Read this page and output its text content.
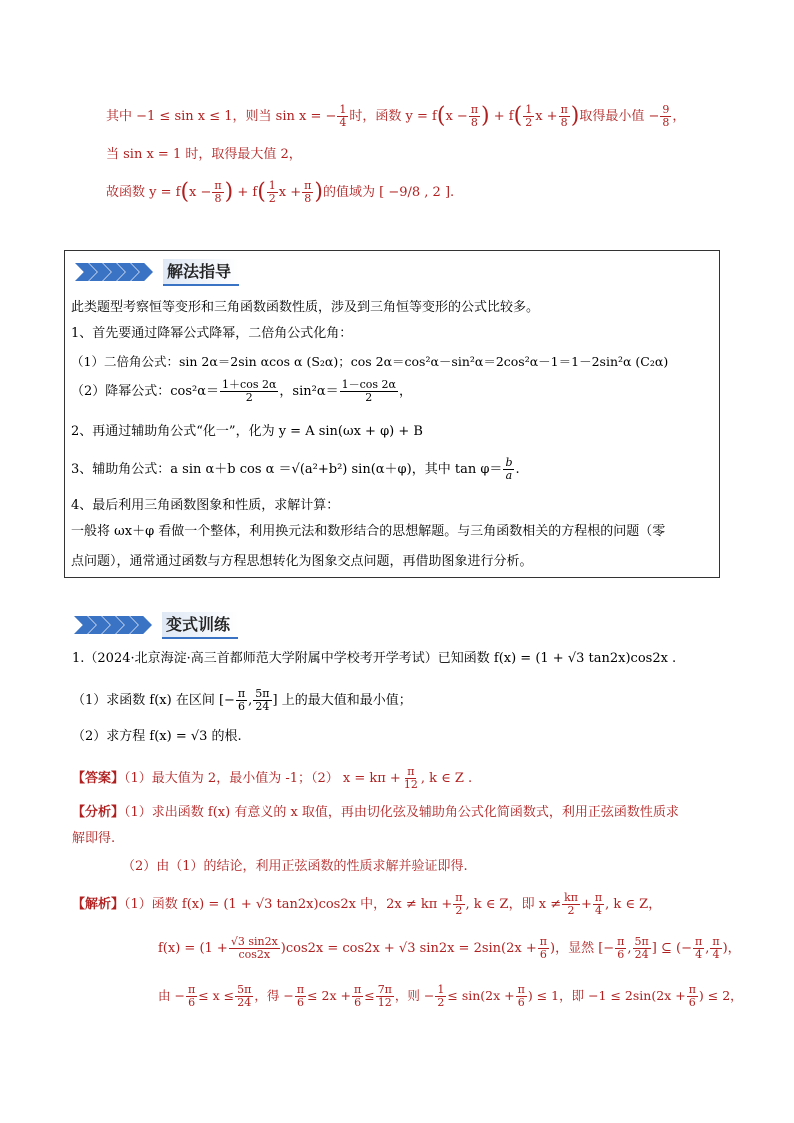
其中 −1 ≤ sin x ≤ 1，则当 sin x = − $\frac{1}{4}$ 时，函数 $y = f(x - \frac{\pi}{8}$ ) + $f( \frac{1}{2}$ $x + \frac{\pi}{8}$ )取得最小值 − $\frac{9}{8}$ ，
当 sin x = 1 时，取得最大值 2，
故函数 $y = f(x - \frac{\pi}{8}$ ) + $f( \frac{1}{2}$ $x + \frac{\pi}{8}$ )的值域为 [ −9/8 , 2 ].
解法指导
此类题型考察恒等变形和三角函数函数性质，涉及到三角恒等变形的公式比较多。
1、首先要通过降幂公式降幂，二倍角公式化角：
（1）二倍角公式：sin 2α＝2sin αcos α (S₂α)；cos 2α＝cos²α－sin²α＝2cos²α－1＝1－2sin²α (C₂α)
（2）降幂公式：$\cos^2\alpha= \frac{1+\cos 2\alpha}{2}$ ，$\sin^2\alpha= \frac{1-\cos 2\alpha}{2}$ ，
2、再通过辅助角公式“化一”，化为 y = A sin(ωx + φ) + B
3、辅助角公式：a sin α＋b cos α ＝√(a²+b²) sin(α＋φ)，其中 $\tan \varphi= \frac{b}{a}$ .
4、最后利用三角函数图象和性质，求解计算：
一般将 ωx＋φ 看做一个整体，利用换元法和数形结合的思想解题。与三角函数相关的方程根的问题（零
点问题），通常通过函数与方程思想转化为图象交点问题，再借助图象进行分析。
变式训练
1.（2024·北京海淀·高三首都师范大学附属中学校考开学考试）已知函数 f(x) = (1 + √3 tan2x)cos2x .
（1）求函数 f(x) 在区间 [− $\frac{\pi}{6}$ , $\frac{5\pi}{24}$ ] 上的最大值和最小值；
（2）求方程 f(x) = √3 的根.
【答案】（1）最大值为 2，最小值为 -1；（2） $x = k\pi + \frac{\pi}{12}$ , k ∈ Z .
【分析】（1）求出函数 f(x) 有意义的 x 取值，再由切化弦及辅助角公式化简函数式，利用正弦函数性质求
解即得.
（2）由（1）的结论，利用正弦函数的性质求解并验证即得.
【解析】（1）函数 f(x) = (1 + √3 tan2x)cos2x 中，$2x \ne k\pi + \frac{\pi}{2}$ , k ∈ Z，即 $x \ne \frac{k\pi}{2} + \frac{\pi}{4}$ , k ∈ Z，
$f(x) = (1 + \frac{√3 \sin 2x}{\cos 2x} )\cos 2x = \cos 2x + √3$ $\sin 2x = 2\sin(2x + \frac{\pi}{6}$ )，显然 [− $\frac{\pi}{6}$ , $\frac{5\pi}{24}$ ] ⊆ (− $\frac{\pi}{4}$ , $\frac{\pi}{4}$ )，
由 − $\frac{\pi}{6} \le x \le \frac{5\pi}{24}$ ，得 − $\frac{\pi}{6} \le 2x + \frac{\pi}{6} \le \frac{7\pi}{12}$ ，则 − $\frac{1}{2} \le \sin(2x + \frac{\pi}{6}$ ) ≤ 1，即 $-1 \le 2\sin(2x + \frac{\pi}{6}$ ) ≤ 2，
